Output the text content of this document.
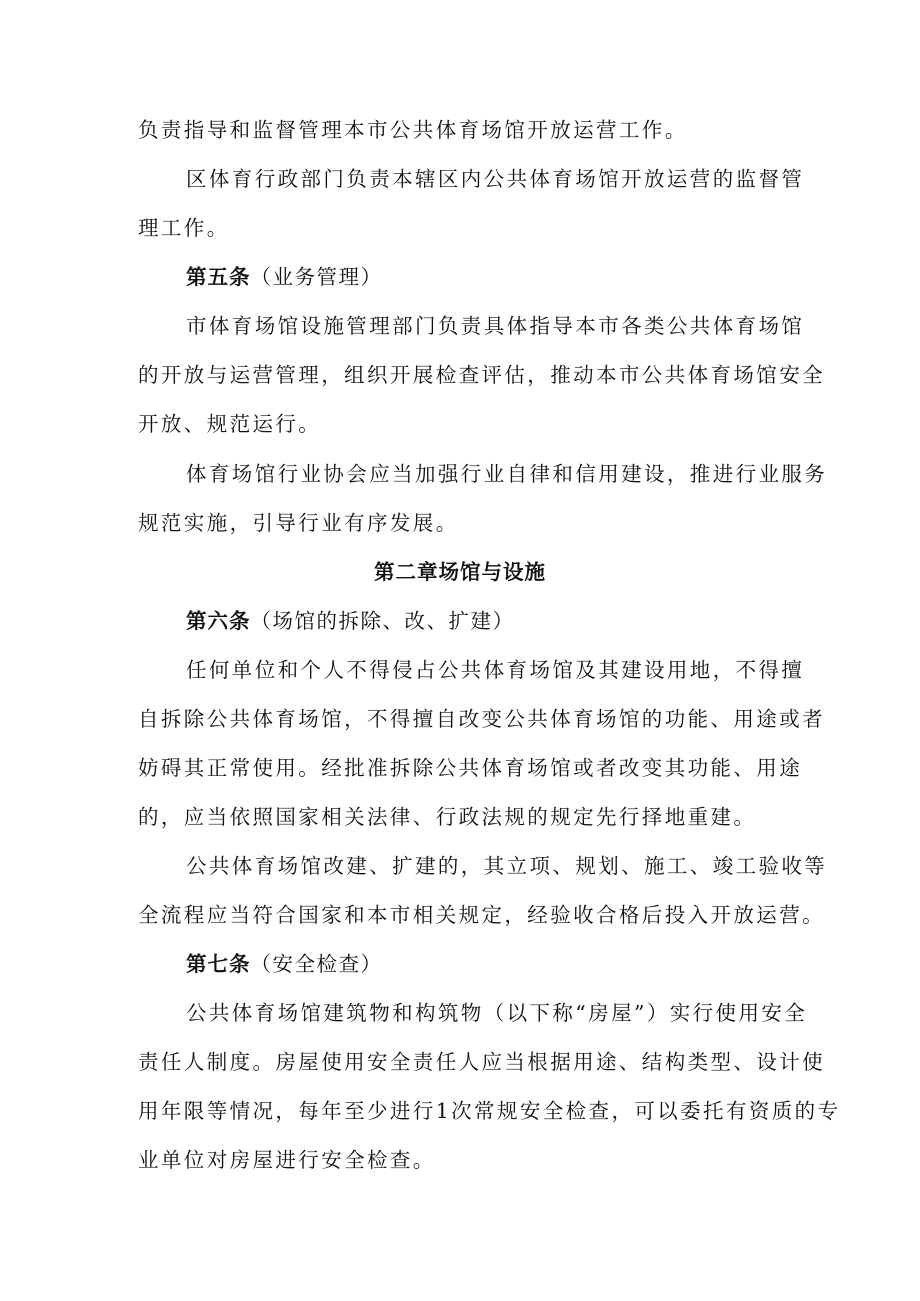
负责指导和监督管理本市公共体育场馆开放运营工作。
区体育行政部门负责本辖区内公共体育场馆开放运营的监督管
理工作。
第五条（业务管理）
市体育场馆设施管理部门负责具体指导本市各类公共体育场馆
的开放与运营管理，组织开展检查评估，推动本市公共体育场馆安全
开放、规范运行。
体育场馆行业协会应当加强行业自律和信用建设，推进行业服务
规范实施，引导行业有序发展。
第二章场馆与设施
第六条（场馆的拆除、改、扩建）
任何单位和个人不得侵占公共体育场馆及其建设用地，不得擅
自拆除公共体育场馆，不得擅自改变公共体育场馆的功能、用途或者
妨碍其正常使用。经批准拆除公共体育场馆或者改变其功能、用途
的，应当依照国家相关法律、行政法规的规定先行择地重建。
公共体育场馆改建、扩建的，其立项、规划、施工、竣工验收等
全流程应当符合国家和本市相关规定，经验收合格后投入开放运营。
第七条（安全检查）
公共体育场馆建筑物和构筑物（以下称“房屋”）实行使用安全
责任人制度。房屋使用安全责任人应当根据用途、结构类型、设计使
用年限等情况，每年至少进行1次常规安全检查，可以委托有资质的专
业单位对房屋进行安全检查。
